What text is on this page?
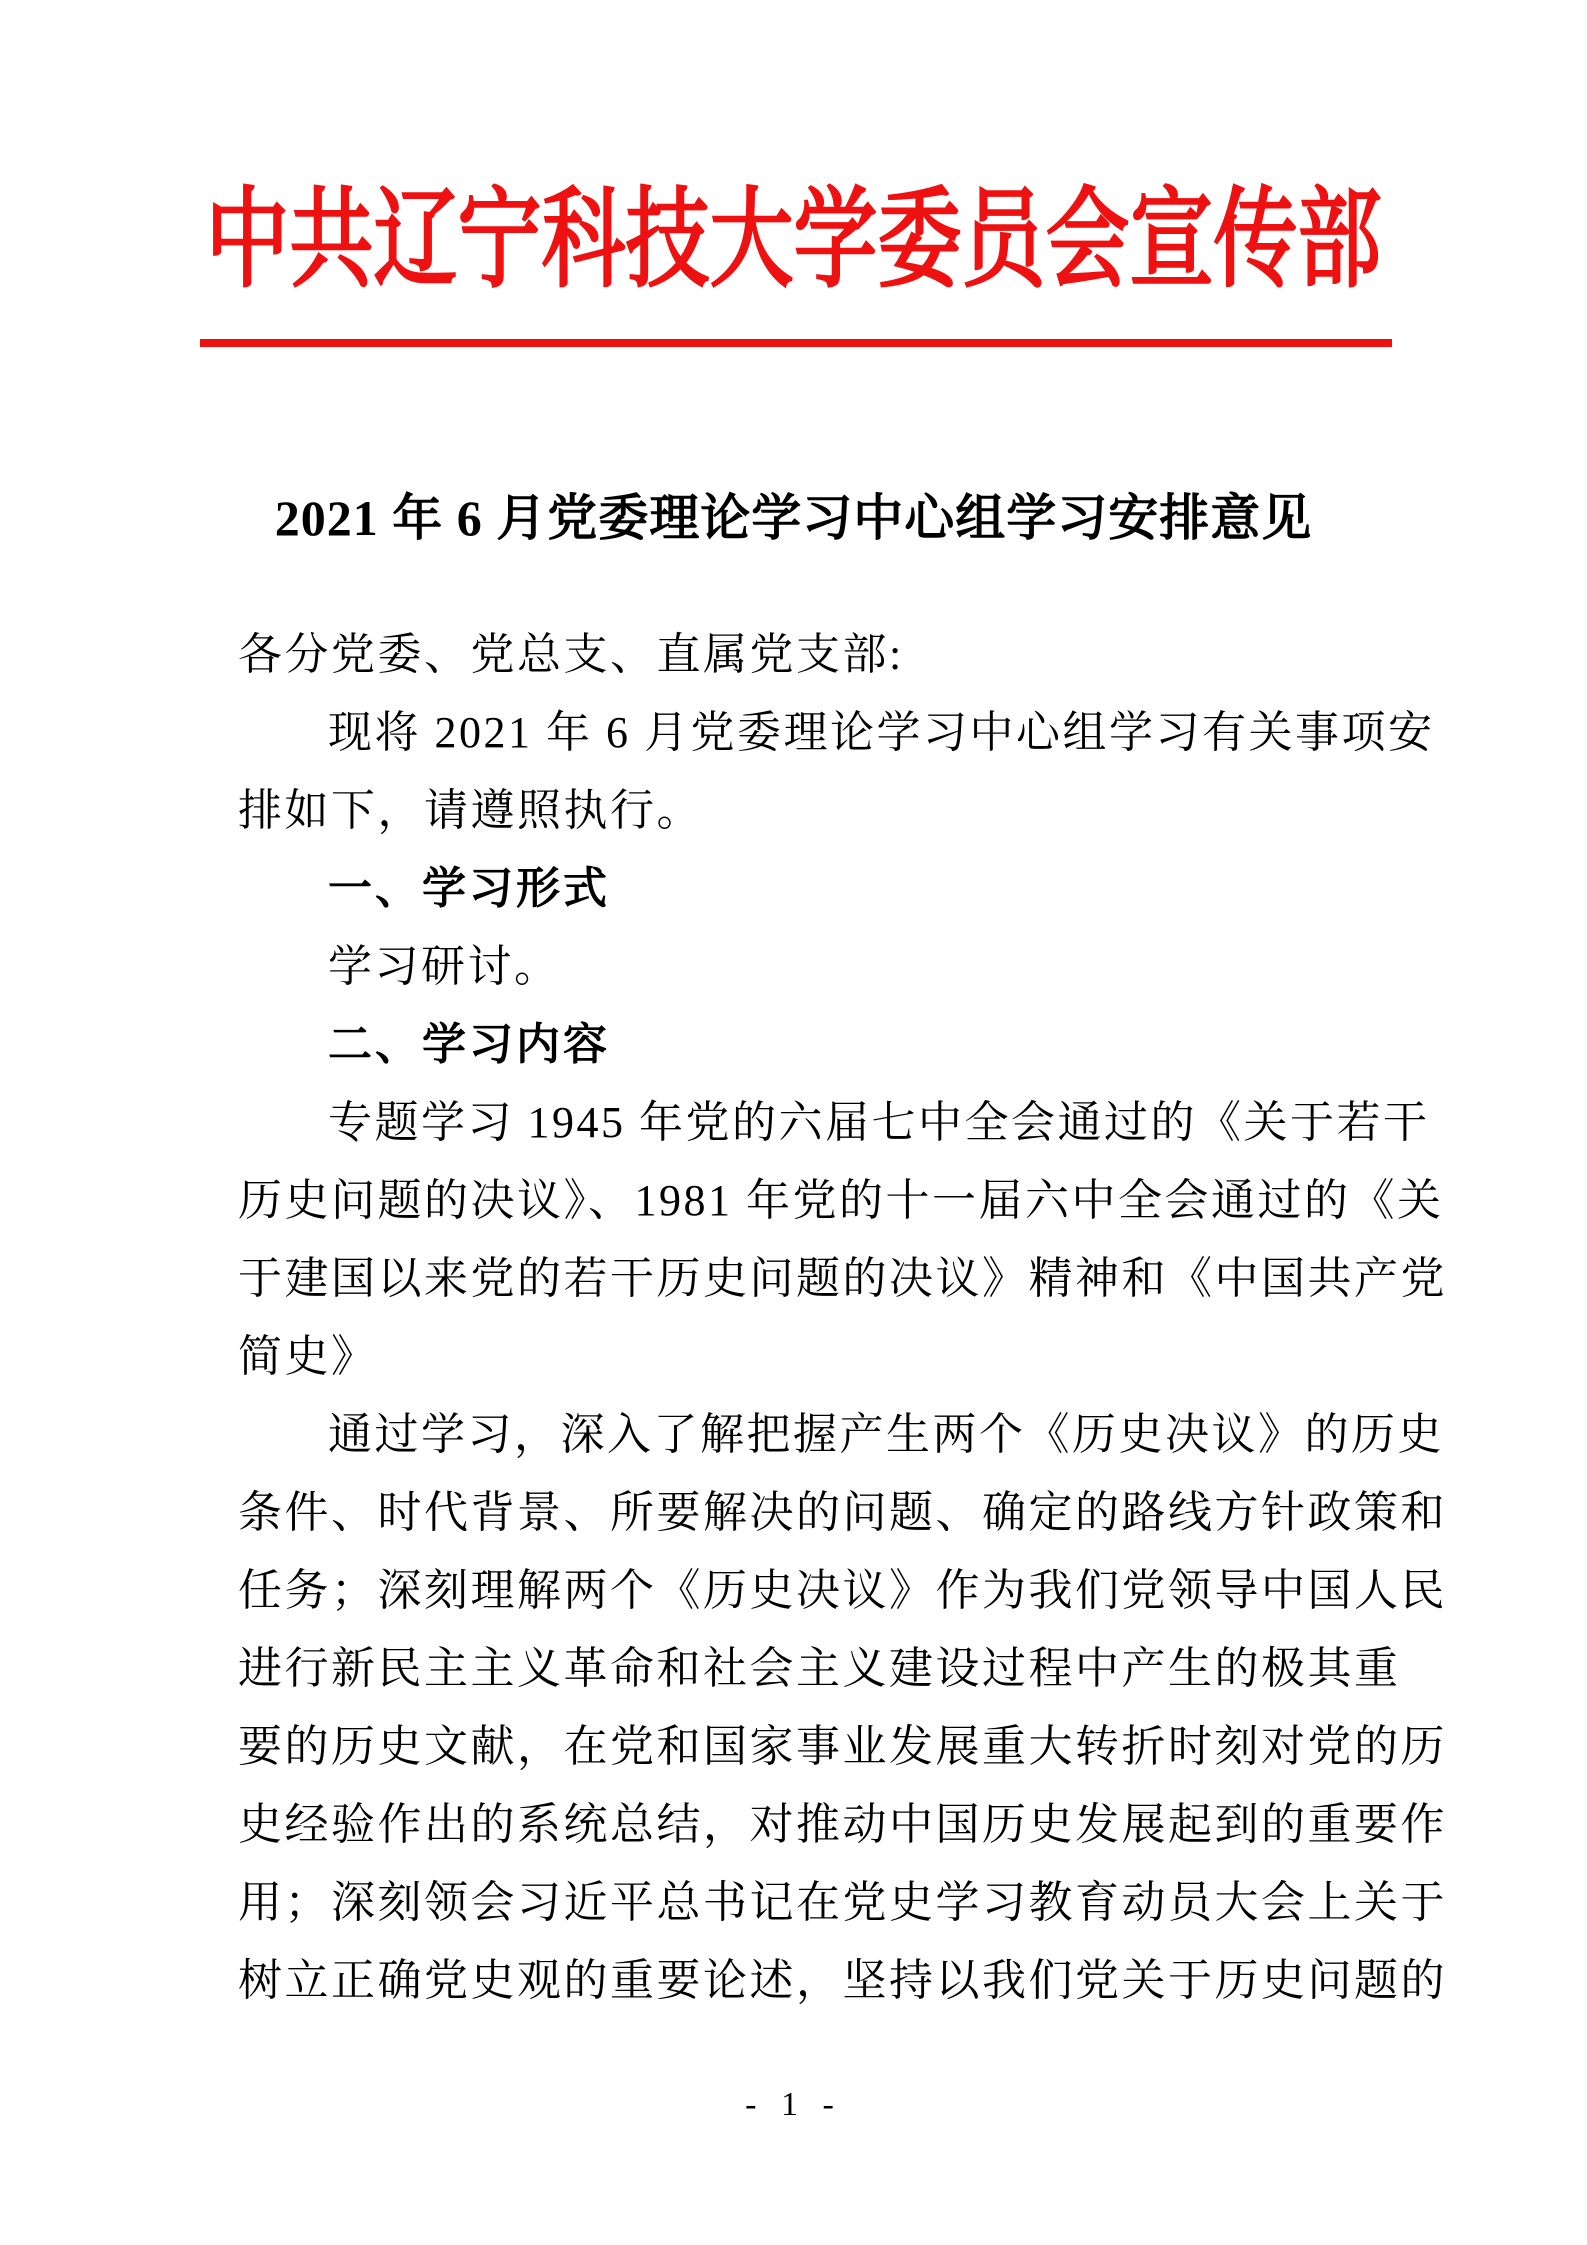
中共辽宁科技大学委员会宣传部
2021 年 6 月党委理论学习中心组学习安排意见
各分党委、党总支、直属党支部:
现将 2021 年 6 月党委理论学习中心组学习有关事项安
排如下，请遵照执行。
一、学习形式
学习研讨。
二、学习内容
专题学习 1945 年党的六届七中全会通过的《关于若干
历史问题的决议》、1981 年党的十一届六中全会通过的《关
于建国以来党的若干历史问题的决议》精神和《中国共产党
简史》
通过学习，深入了解把握产生两个《历史决议》的历史
条件、时代背景、所要解决的问题、确定的路线方针政策和
任务；深刻理解两个《历史决议》作为我们党领导中国人民
进行新民主主义革命和社会主义建设过程中产生的极其重
要的历史文献，在党和国家事业发展重大转折时刻对党的历
史经验作出的系统总结，对推动中国历史发展起到的重要作
用；深刻领会习近平总书记在党史学习教育动员大会上关于
树立正确党史观的重要论述，坚持以我们党关于历史问题的
- 1 -
